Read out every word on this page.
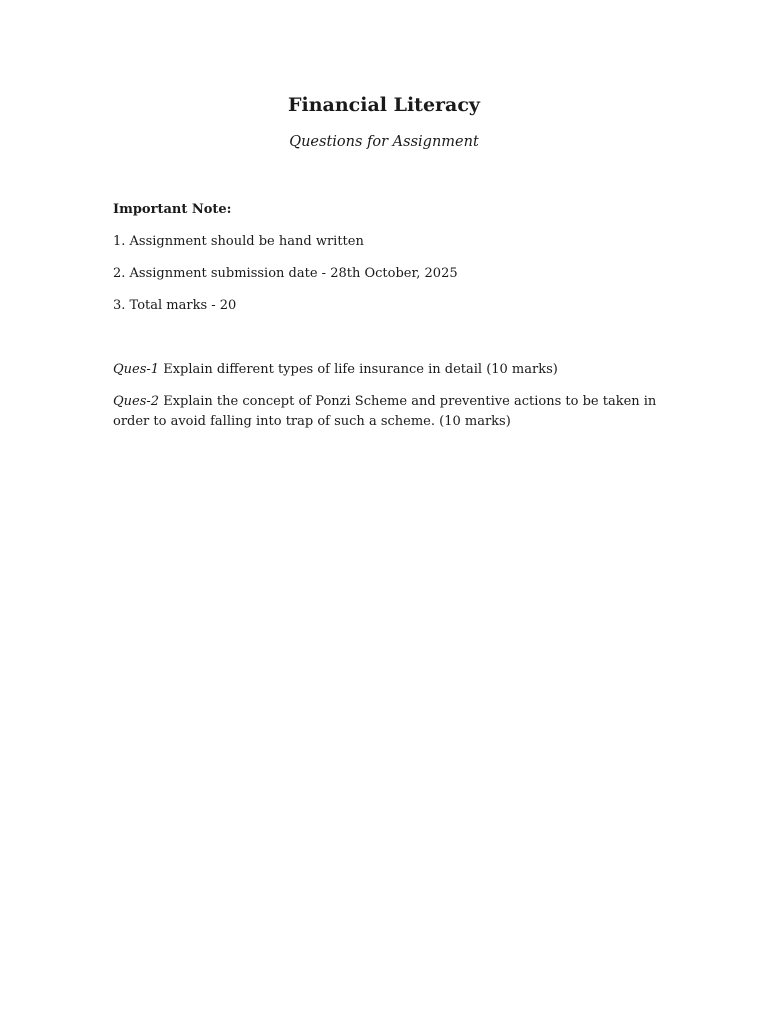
Financial Literacy

Questions for Assignment

Important Note:

1. Assignment should be hand written

2. Assignment submission date - 28th October, 2025

3. Total marks - 20

Ques-1 Explain different types of life insurance in detail (10 marks)

Ques-2 Explain the concept of Ponzi Scheme and preventive actions to be taken in order to avoid falling into trap of such a scheme. (10 marks)
